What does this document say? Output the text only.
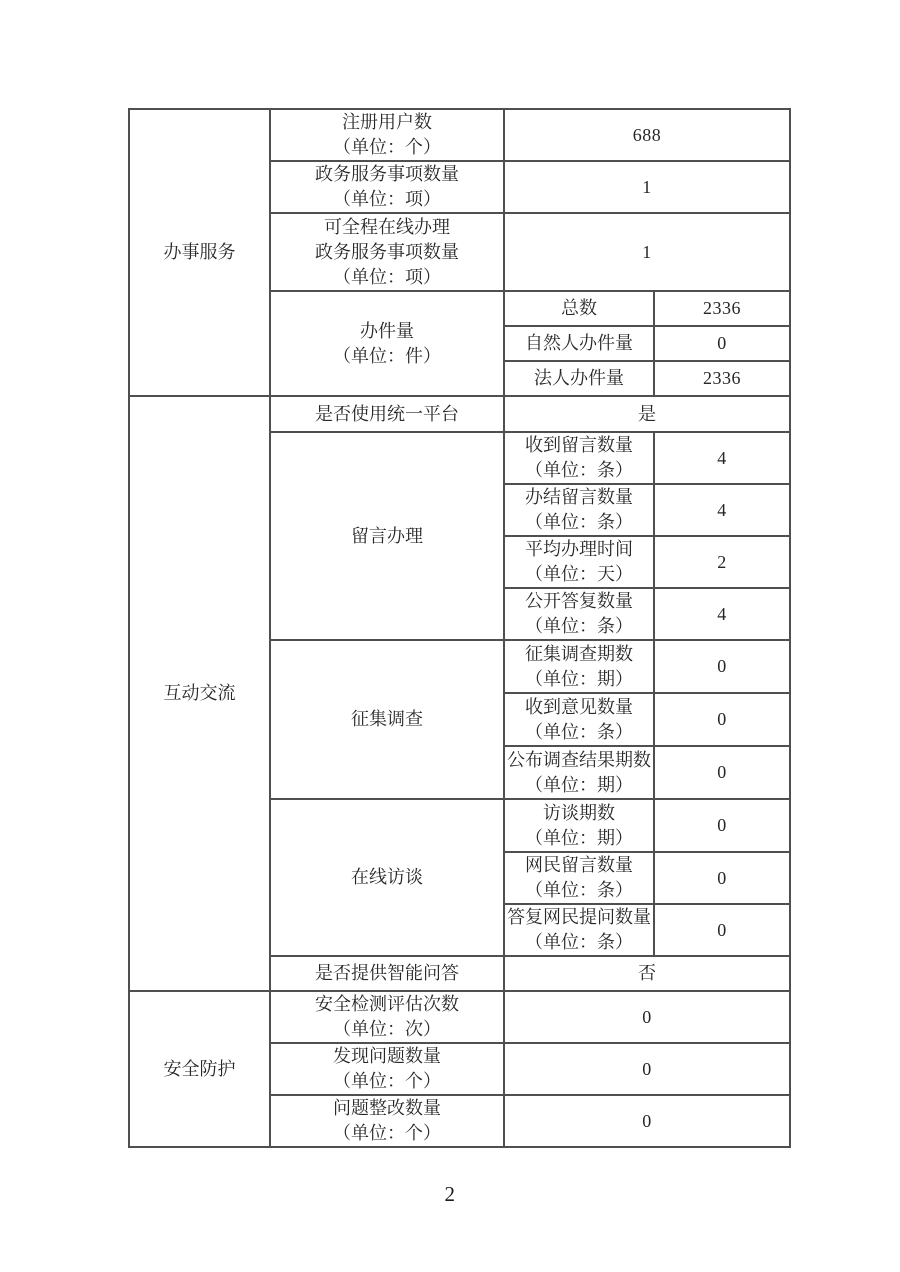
办事服务	注册用户数
（单位：个）	688	

	政务服务事项数量
（单位：项）	1	

	可全程在线办理
政务服务事项数量
（单位：项）	1	

	办件量
（单位：件）	总数	2336
		自然人办件量	0
		法人办件量	2336

互动交流	是否使用统一平台	是	

	留言办理	收到留言数量
（单位：条）	4

		办结留言数量
（单位：条）	4

		平均办理时间
（单位：天）	2

		公开答复数量
（单位：条）	4

	征集调查	征集调查期数
（单位：期）	0

		收到意见数量
（单位：条）	0

		公布调查结果期数
（单位：期）	0

	在线访谈	访谈期数
（单位：期）	0

		网民留言数量
（单位：条）	0

		答复网民提问数量
（单位：条）	0

	是否提供智能问答	否	

安全防护	安全检测评估次数
（单位：次）	0	

	发现问题数量
（单位：个）	0	

	问题整改数量
（单位：个）	0	
2
